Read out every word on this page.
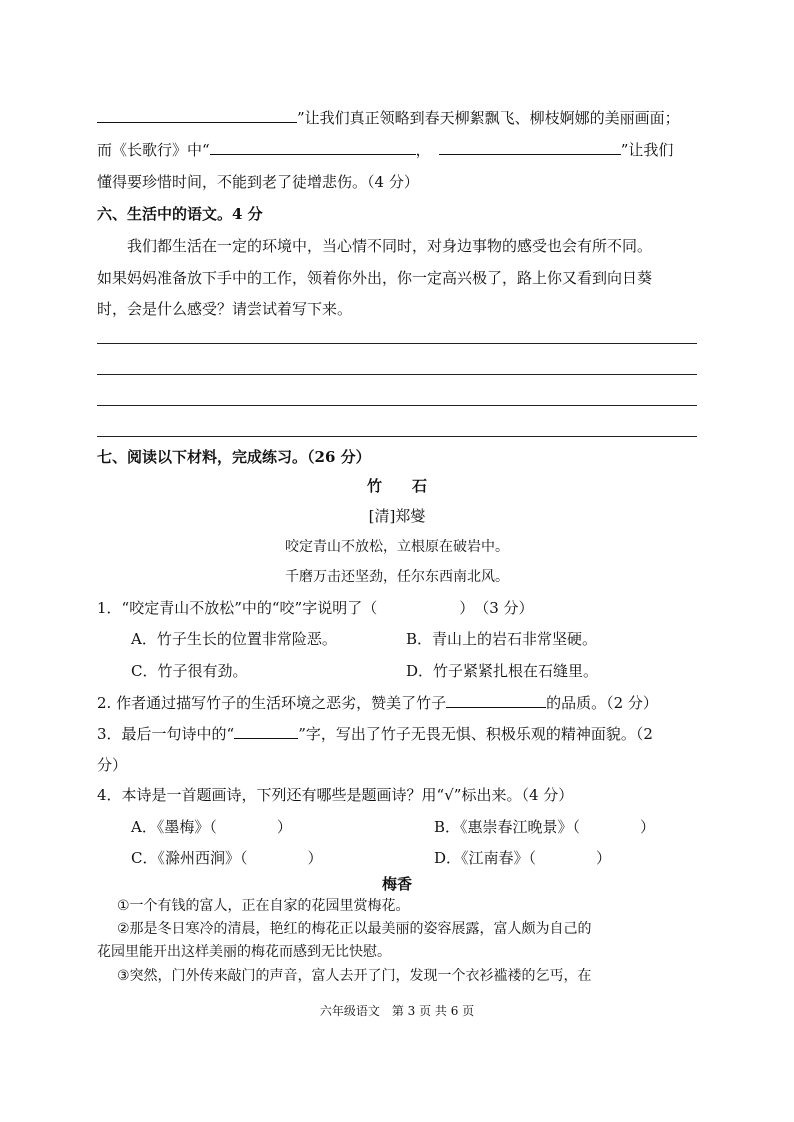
”让我们真正领略到春天柳絮飘飞、柳枝婀娜的美丽画面；
而《长歌行》中“	，	”让我们
懂得要珍惜时间，不能到老了徒增悲伤。（4 分）
六、生活中的语文。4 分
我们都生活在一定的环境中，当心情不同时，对身边事物的感受也会有所不同。
如果妈妈准备放下手中的工作，领着你外出，你一定高兴极了，路上你又看到向日葵
时，会是什么感受？请尝试着写下来。
七、阅读以下材料，完成练习。（26 分）
竹　　石
[清]郑燮
咬定青山不放松，立根原在破岩中。
千磨万击还坚劲，任尔东西南北风。
1．“咬定青山不放松”中的“咬”字说明了（	）　（3 分）
A．竹子生长的位置非常险恶。	B．青山上的岩石非常坚硬。
C．竹子很有劲。	D．竹子紧紧扎根在石缝里。
2. 作者通过描写竹子的生活环境之恶劣，赞美了竹子	的品质。（2 分）
3．最后一句诗中的“	”字，写出了竹子无畏无惧、积极乐观的精神面貌。（2
分）
4．本诗是一首题画诗，下列还有哪些是题画诗？用“√”标出来。（4 分）
A．《墨梅》（　　　　）	B．《惠崇春江晚景》（　　　　）
C．《滁州西涧》（　　　　）	D．《江南春》（　　　　）
梅香
①一个有钱的富人，正在自家的花园里赏梅花。
②那是冬日寒冷的清晨，艳红的梅花正以最美丽的姿容展露，富人颇为自己的
花园里能开出这样美丽的梅花而感到无比快慰。
③突然，门外传来敲门的声音，富人去开了门，发现一个衣衫褴褛的乞丐，在
六年级语文　第 3 页 共 6 页
